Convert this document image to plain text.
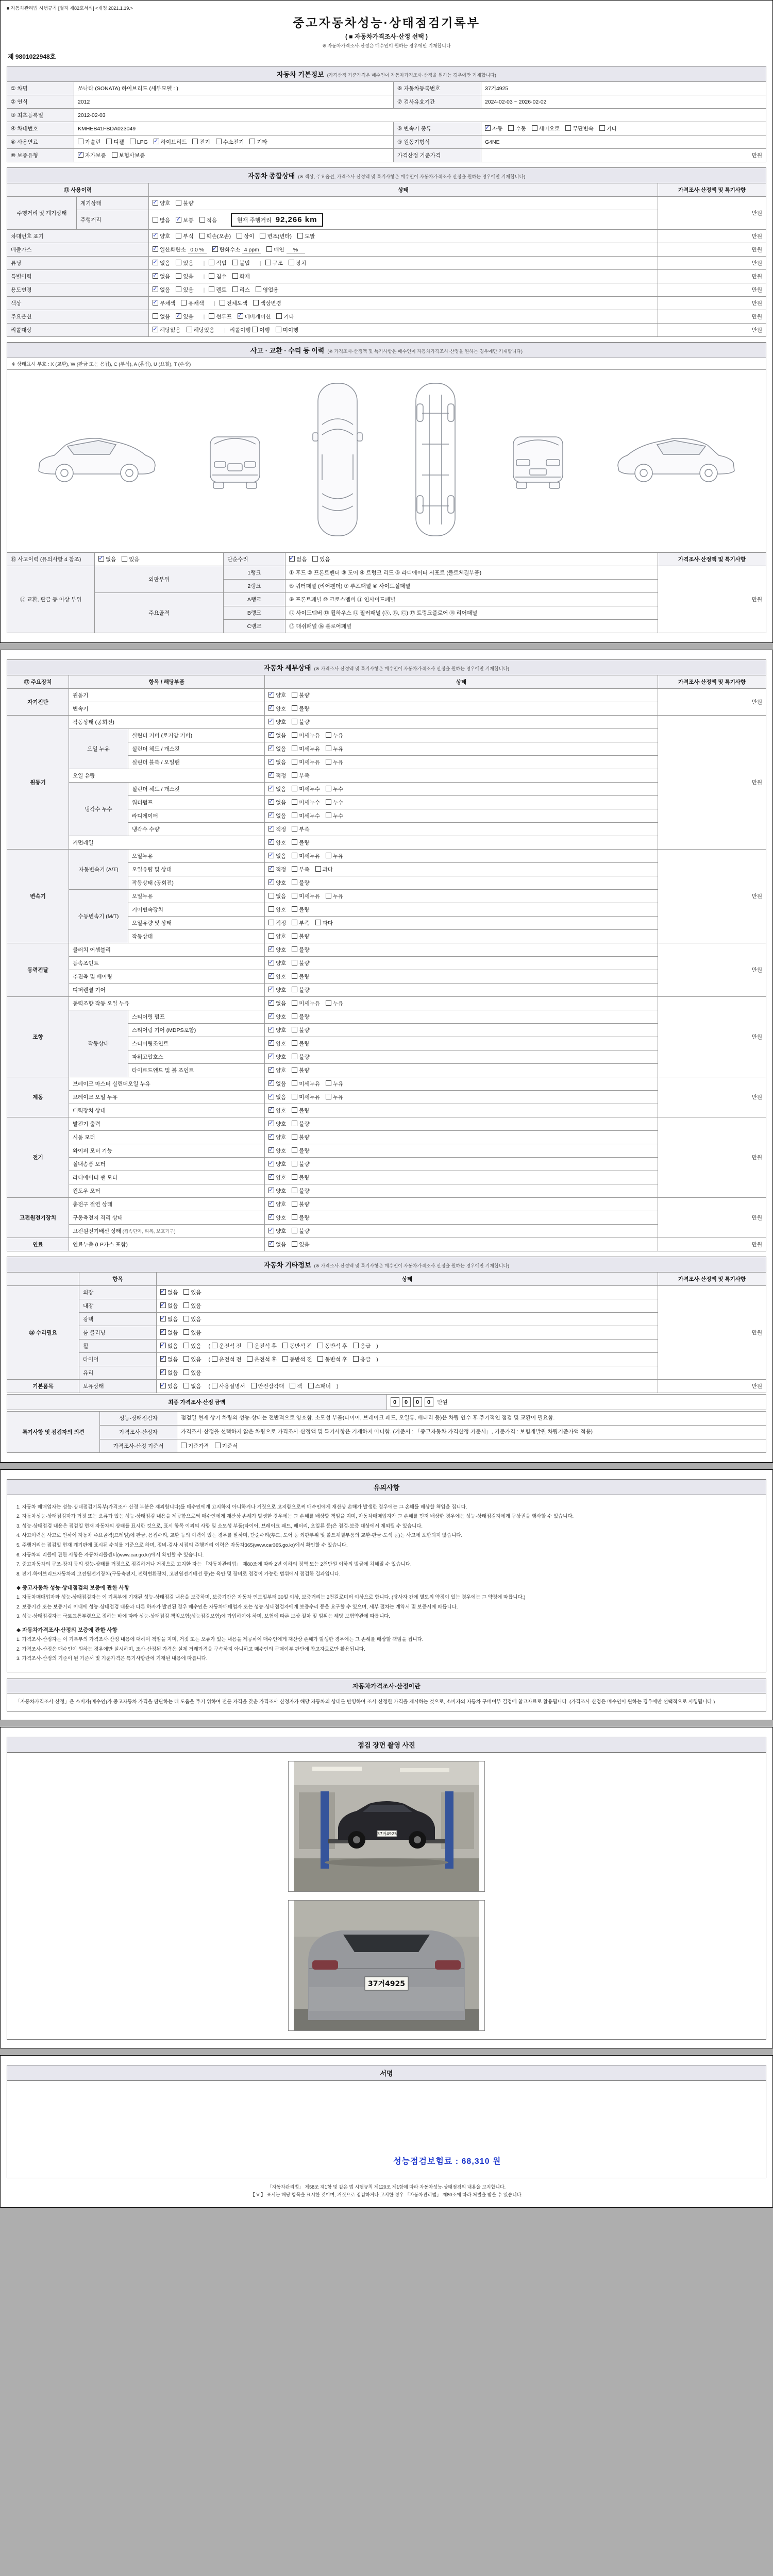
■ 자동차관리법 시행규칙 [별지 제82호서식] <개정 2021.1.19.>
중고자동차성능·상태점검기록부
( ■ 자동차가격조사·산정 선택 )
※ 자동차가격조사·산정은 매수인이 원하는 경우에만 기재합니다
제 9801022948호
자동차 기본정보 (가격산정 기준가격은 매수인이 자동차가격조사·산정을 원하는 경우에만 기재합니다)
① 차명	쏘나타 (SONATA) 하이브리드 (세부모델 : )	⑥ 자동차등록번호	37거4925
② 연식	2012	⑦ 검사유효기간	2024-02-03 ~ 2026-02-02
③ 최초등록일	2012-02-03		
④ 차대번호	KMHEB41FBDA023049	⑤ 변속기 종류	✓자동 수동 세미오토 무단변속 기타
⑧ 사용연료	가솔린 디젤 LPG ✓ 하이브리드 전기 수소전기 기타	⑨ 원동기형식	G4NE
⑩ 보증유형	✓자가보증 보험사보증	가격산정 기준가격	만원
자동차 종합상태 (※ 색상, 주요옵션, 가격조사·산정액 및 특기사항은 매수인이 자동차가격조사·산정을 원하는 경우에만 기재합니다)
⑪ 사용이력		상태	가격조사·산정액 및 특기사항
주행거리 및 계기상태	계기상태	✓양호 불량	만원
	주행거리	많음 ✓ 보통 적음 현재 주행거리 92,266 km
차대번호 표기	✓양호 부식 훼손(오손) 상이 변조(변타) 도말	만원
배출가스	✓일산화탄소 0.0 % ✓ 탄화수소 4 ppm 매연 %	만원
튜닝	✓없음 있음 | 적법 불법 | 구조 장치	만원
특별이력	✓없음 있음 | 침수 화재	만원
용도변경	✓없음 있음 | 렌트 리스 영업용	만원
색상	✓무채색 유채색 | 전체도색 색상변경	만원
주요옵션		없음 ✓ 있음 | 썬루프 ✓ 네비게이션 기타	만원
리콜대상	✓해당없음 해당있음 | 리콜이행 이행 미이행	만원
사고 · 교환 · 수리 등 이력 (※ 가격조사·산정액 및 특기사항은 매수인이 자동차가격조사·산정을 원하는 경우에만 기재합니다)
※ 상태표시 부호 : X (교환), W (판금 또는 용접), C (부식), A (흠집), U (요철), T (손상)
⑮ 사고이력 (유의사항 4 참조)	✓없음 있음	단순수리	✓없음 있음	가격조사·산정액 및 특기사항
⑯ 교환, 판금 등 이상 부위	외판부위	1랭크	① 후드 ② 프론트펜더 ③ 도어 ④ 트렁크 리드 ⑤ 라디에이터 서포트 (볼트체결부품)	만원
		2랭크	⑥ 쿼터패널 (리어펜더) ⑦ 루프패널 ⑧ 사이드실패널	
	주요골격	A랭크	⑨ 프론트패널 ⑩ 크로스멤버 ⑪ 인사이드패널	
		B랭크	⑫ 사이드멤버 ⑬ 휠하우스 ⑭ 필러패널 (Ⓐ, Ⓑ, Ⓒ) ⑰ 트렁크플로어 ⑱ 리어패널	
		C랭크	⑮ 대쉬패널 ⑯ 플로어패널	
자동차 세부상태 (※ 가격조사·산정액 및 특기사항은 매수인이 자동차가격조사·산정을 원하는 경우에만 기재합니다)
⑰ 주요장치	항목 / 해당부품		상태	가격조사·산정액 및 특기사항
자기진단	원동기	✓양호 불량	만원
	변속기	✓양호 불량
원동기	작동상태 (공회전)	✓양호 불량	만원
	오일 누유	실린더 커버 (로커암 커버)	✓없음 미세누유 누유
		실린더 헤드 / 개스킷	✓없음 미세누유 누유
		실린더 블록 / 오일팬	✓없음 미세누유 누유
	오일 유량	✓적정 부족
	냉각수 누수	실린더 헤드 / 개스킷	✓없음 미세누수 누수
		워터펌프	✓없음 미세누수 누수
		라디에이터	✓없음 미세누수 누수
		냉각수 수량	✓적정 부족
	커먼레일	✓양호 불량
변속기	자동변속기 (A/T)	오일누유	✓없음 미세누유 누유	만원
		오일유량 및 상태	✓적정 부족 과다
		작동상태 (공회전)	✓양호 불량
	수동변속기 (M/T)	오일누유	없음 미세누유 누유	
		기어변속장치	양호 불량	
		오일유량 및 상태	적정 부족 과다	
		작동상태	양호 불량	
동력전달	클러치 어셈블리	✓양호 불량	만원
	등속조인트	✓양호 불량
	추진축 및 베어링	✓양호 불량
	디퍼렌셜 기어	✓양호 불량
조향	동력조향 작동 오일 누유	✓없음 미세누유 누유	만원
	작동상태	스티어링 펌프	✓양호 불량
		스티어링 기어 (MDPS포함)	✓양호 불량
		스티어링조인트	✓양호 불량
		파워고압호스	✓양호 불량
		타이로드엔드 및 볼 조인트	✓양호 불량
제동	브레이크 마스터 실린더오일 누유	✓없음 미세누유 누유	만원
	브레이크 오일 누유	✓없음 미세누유 누유
	배력장치 상태	✓양호 불량
전기	발전기 출력	✓양호 불량	만원
	시동 모터	✓양호 불량
	와이퍼 모터 기능	✓양호 불량
	실내송풍 모터	✓양호 불량
	라디에이터 팬 모터	✓양호 불량
	윈도우 모터	✓양호 불량
고전원전기장치	충전구 절연 상태	✓양호 불량	만원
	구동축전지 격리 상태	✓양호 불량
	고전원전기배선 상태 (접속단자, 피복, 보호기구)	✓양호 불량
연료	연료누출 (LP가스 포함)	✓없음 있음	만원
자동차 기타정보 (※ 가격조사·산정액 및 특기사항은 매수인이 자동차가격조사·산정을 원하는 경우에만 기재합니다)
	항목	상태	가격조사·산정액 및 특기사항
⑱ 수리필요	외장	✓없음 있음	만원
	내장	✓없음 있음
	광택	✓없음 있음
	룸 클리닝	✓없음 있음
	휠	✓없음 있음 ( 운전석 전 운전석 후 동반석 전 동반석 후 응급 )
	타이어	✓없음 있음 ( 운전석 전 운전석 후 동반석 전 동반석 후 응급 )
	유리	✓없음 있음
기본품목	보유상태	✓있음 없음 ( 사용설명서 안전삼각대 잭 스패너 )	만원
최종 가격조사·산정 금액	0 0 0 0 만원
특기사항 및 점검자의 의견	성능·상태점검자	점검일 현재 상기 차량의 성능·상태는 전반적으로 양호함. 소모성 부품(타이어, 브레이크 패드, 오일류, 배터리 등)은 차량 인수 후 주기적인 점검 및 교환이 필요함.
	가격조사·산정자	가격조사·산정을 선택하지 않은 차량으로 가격조사·산정액 및 특기사항은 기재하지 아니함. (기준서 : 「중고자동차 가격산정 기준서」, 기준가격 : 보험개발원 차량기준가액 적용)
	가격조사·산정 기준서	기준가격 기준서
유의사항
1. 자동차 매매업자는 성능·상태점검기록부(가격조사·산정 부분은 제외합니다)를 매수인에게 고지하지 아니하거나 거짓으로 고지함으로써 매수인에게 재산상 손해가 발생한 경우에는 그 손해를 배상할 책임을 집니다.
2. 자동차성능·상태점검자가 거짓 또는 오류가 있는 성능·상태점검 내용을 제공함으로써 매수인에게 재산상 손해가 발생한 경우에는 그 손해를 배상할 책임을 지며, 자동차매매업자가 그 손해를 먼저 배상한 경우에는 성능·상태점검자에게 구상권을 행사할 수 있습니다.
3. 성능·상태점검 내용은 점검일 현재 자동차의 상태를 표시한 것으로, 표시 항목 이외의 사항 및 소모성 부품(타이어, 브레이크 패드, 배터리, 오일류 등)은 점검·보증 대상에서 제외될 수 있습니다.
4. 사고이력은 사고로 인하여 자동차 주요골격(프레임)에 판금, 용접수리, 교환 등의 이력이 있는 경우를 말하며, 단순수리(후드, 도어 등 외판부위 및 볼트체결부품의 교환·판금·도색 등)는 사고에 포함되지 않습니다.
5. 주행거리는 점검일 현재 계기판에 표시된 수치를 기준으로 하며, 정비·검사 시점의 주행거리 이력은 자동차365(www.car365.go.kr)에서 확인할 수 있습니다.
6. 자동차의 리콜에 관한 사항은 자동차리콜센터(www.car.go.kr)에서 확인할 수 있습니다.
7. 중고자동차의 구조·장치 등의 성능·상태를 거짓으로 점검하거나 거짓으로 고지한 자는 「자동차관리법」 제80조에 따라 2년 이하의 징역 또는 2천만원 이하의 벌금에 처해질 수 있습니다.
8. 전기·하이브리드자동차의 고전원전기장치(구동축전지, 전력변환장치, 고전원전기배선 등)는 육안 및 장비로 점검이 가능한 범위에서 점검한 결과입니다.
◆ 중고자동차 성능·상태점검의 보증에 관한 사항
1. 자동차매매업자와 성능·상태점검자는 이 기록부에 기재된 성능·상태점검 내용을 보증하며, 보증기간은 자동차 인도일부터 30일 이상, 보증거리는 2천킬로미터 이상으로 합니다. (당사자 간에 별도의 약정이 있는 경우에는 그 약정에 따릅니다.)
2. 보증기간 또는 보증거리 이내에 성능·상태점검 내용과 다른 하자가 발견된 경우 매수인은 자동차매매업자 또는 성능·상태점검자에게 보증수리 등을 요구할 수 있으며, 세부 절차는 계약서 및 보증서에 따릅니다.
3. 성능·상태점검자는 국토교통부령으로 정하는 바에 따라 성능·상태점검 책임보험(성능점검보험)에 가입하여야 하며, 보험에 따른 보상 절차 및 범위는 해당 보험약관에 따릅니다.
◆ 자동차가격조사·산정의 보증에 관한 사항
1. 가격조사·산정자는 이 기록부의 가격조사·산정 내용에 대하여 책임을 지며, 거짓 또는 오류가 있는 내용을 제공하여 매수인에게 재산상 손해가 발생한 경우에는 그 손해를 배상할 책임을 집니다.
2. 가격조사·산정은 매수인이 원하는 경우에만 실시하며, 조사·산정된 가격은 실제 거래가격을 구속하지 아니하고 매수인의 구매여부 판단에 참고자료로만 활용됩니다.
3. 가격조사·산정의 기준이 된 기준서 및 기준가격은 특기사항란에 기재된 내용에 따릅니다.
자동차가격조사·산정이란
「자동차가격조사·산정」은 소비자(매수인)가 중고자동차 가격을 판단하는 데 도움을 주기 위하여 전문 자격을 갖춘 가격조사·산정자가 해당 자동차의 상태를 반영하여 조사·산정한 가격을 제시하는 것으로, 소비자의 자동차 구매여부 결정에 참고자료로 활용됩니다. (가격조사·산정은 매수인이 원하는 경우에만 선택적으로 시행됩니다.)
점검 장면 촬영 사진
37거4925
37거4925
서명
성능점검보험료 : 68,310 원
「자동차관리법」 제58조 제1항 및 같은 법 시행규칙 제120조 제1항에 따라 자동차성능·상태점검의 내용을 고지합니다.
【 V 】 표시는 해당 항목을 표시한 것이며, 거짓으로 점검하거나 고지한 경우 「자동차관리법」 제80조에 따라 처벌을 받을 수 있습니다.
